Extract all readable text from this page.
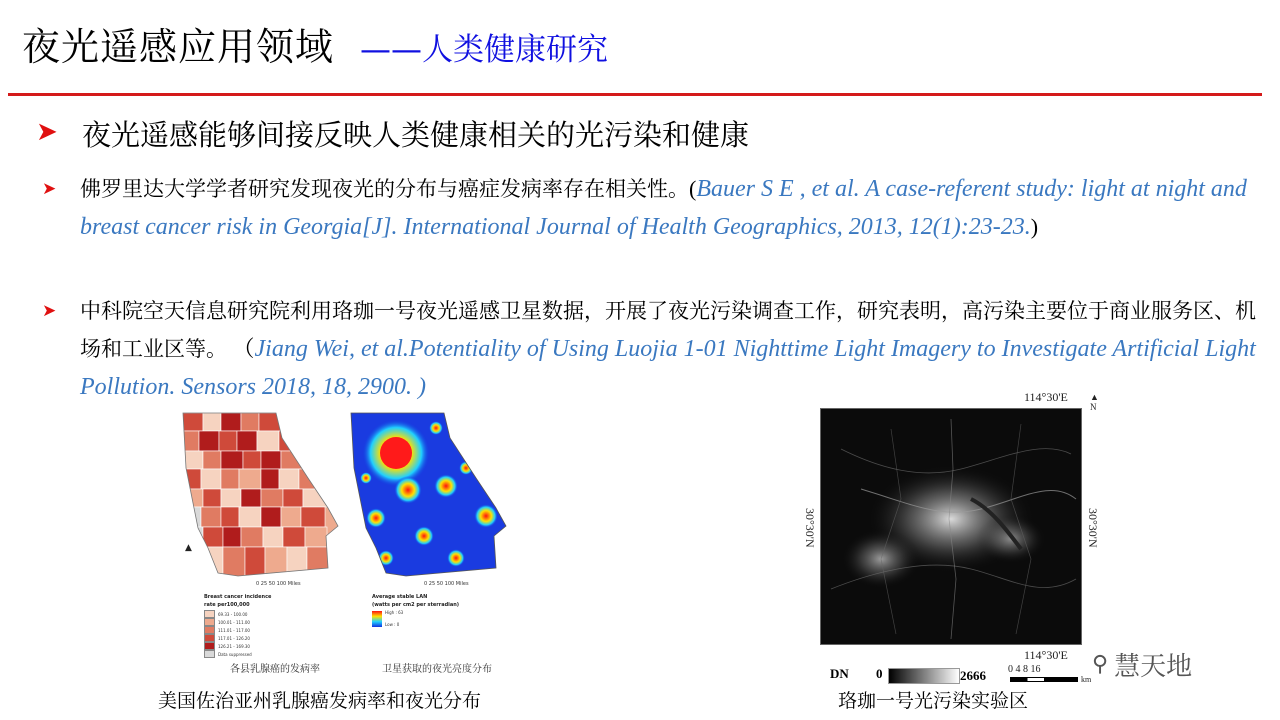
夜光遥感应用领域 ——人类健康研究
➤ 夜光遥感能够间接反映人类健康相关的光污染和健康
➤ 佛罗里达大学学者研究发现夜光的分布与癌症发病率存在相关性。(Bauer S E , et al. A case-referent study: light at night and breast cancer risk in Georgia[J]. International Journal of Health Geographics, 2013, 12(1):23-23.)
➤ 中科院空天信息研究院利用珞珈一号夜光遥感卫星数据，开展了夜光污染调查工作，研究表明，高污染主要位于商业服务区、机场和工业区等。 （Jiang Wei, et al.Potentiality of Using Luojia 1-01 Nighttime Light Imagery to Investigate Artificial Light Pollution. Sensors 2018, 18, 2900. )
▲
0 25 50 100 Miles	0 25 50 100 Miles
Breast cancer incidence
rate per100,000
69.33 - 100.00
100.01 - 111.00
111.01 - 117.00
117.01 - 126.20
126.21 - 169.30
Data suppressed
Average stable LAN
(watts per cm2 per sterradian)
High : 63
Low : 0
各县乳腺癌的发病率	卫星获取的夜光亮度分布
美国佐治亚州乳腺癌发病率和夜光分布
114°30'E ▲
N
30°30'N	30°30'N
114°30'E
DN 0	2666 0 4 8 16
km
珞珈一号光污染实验区
⚲ 慧天地
